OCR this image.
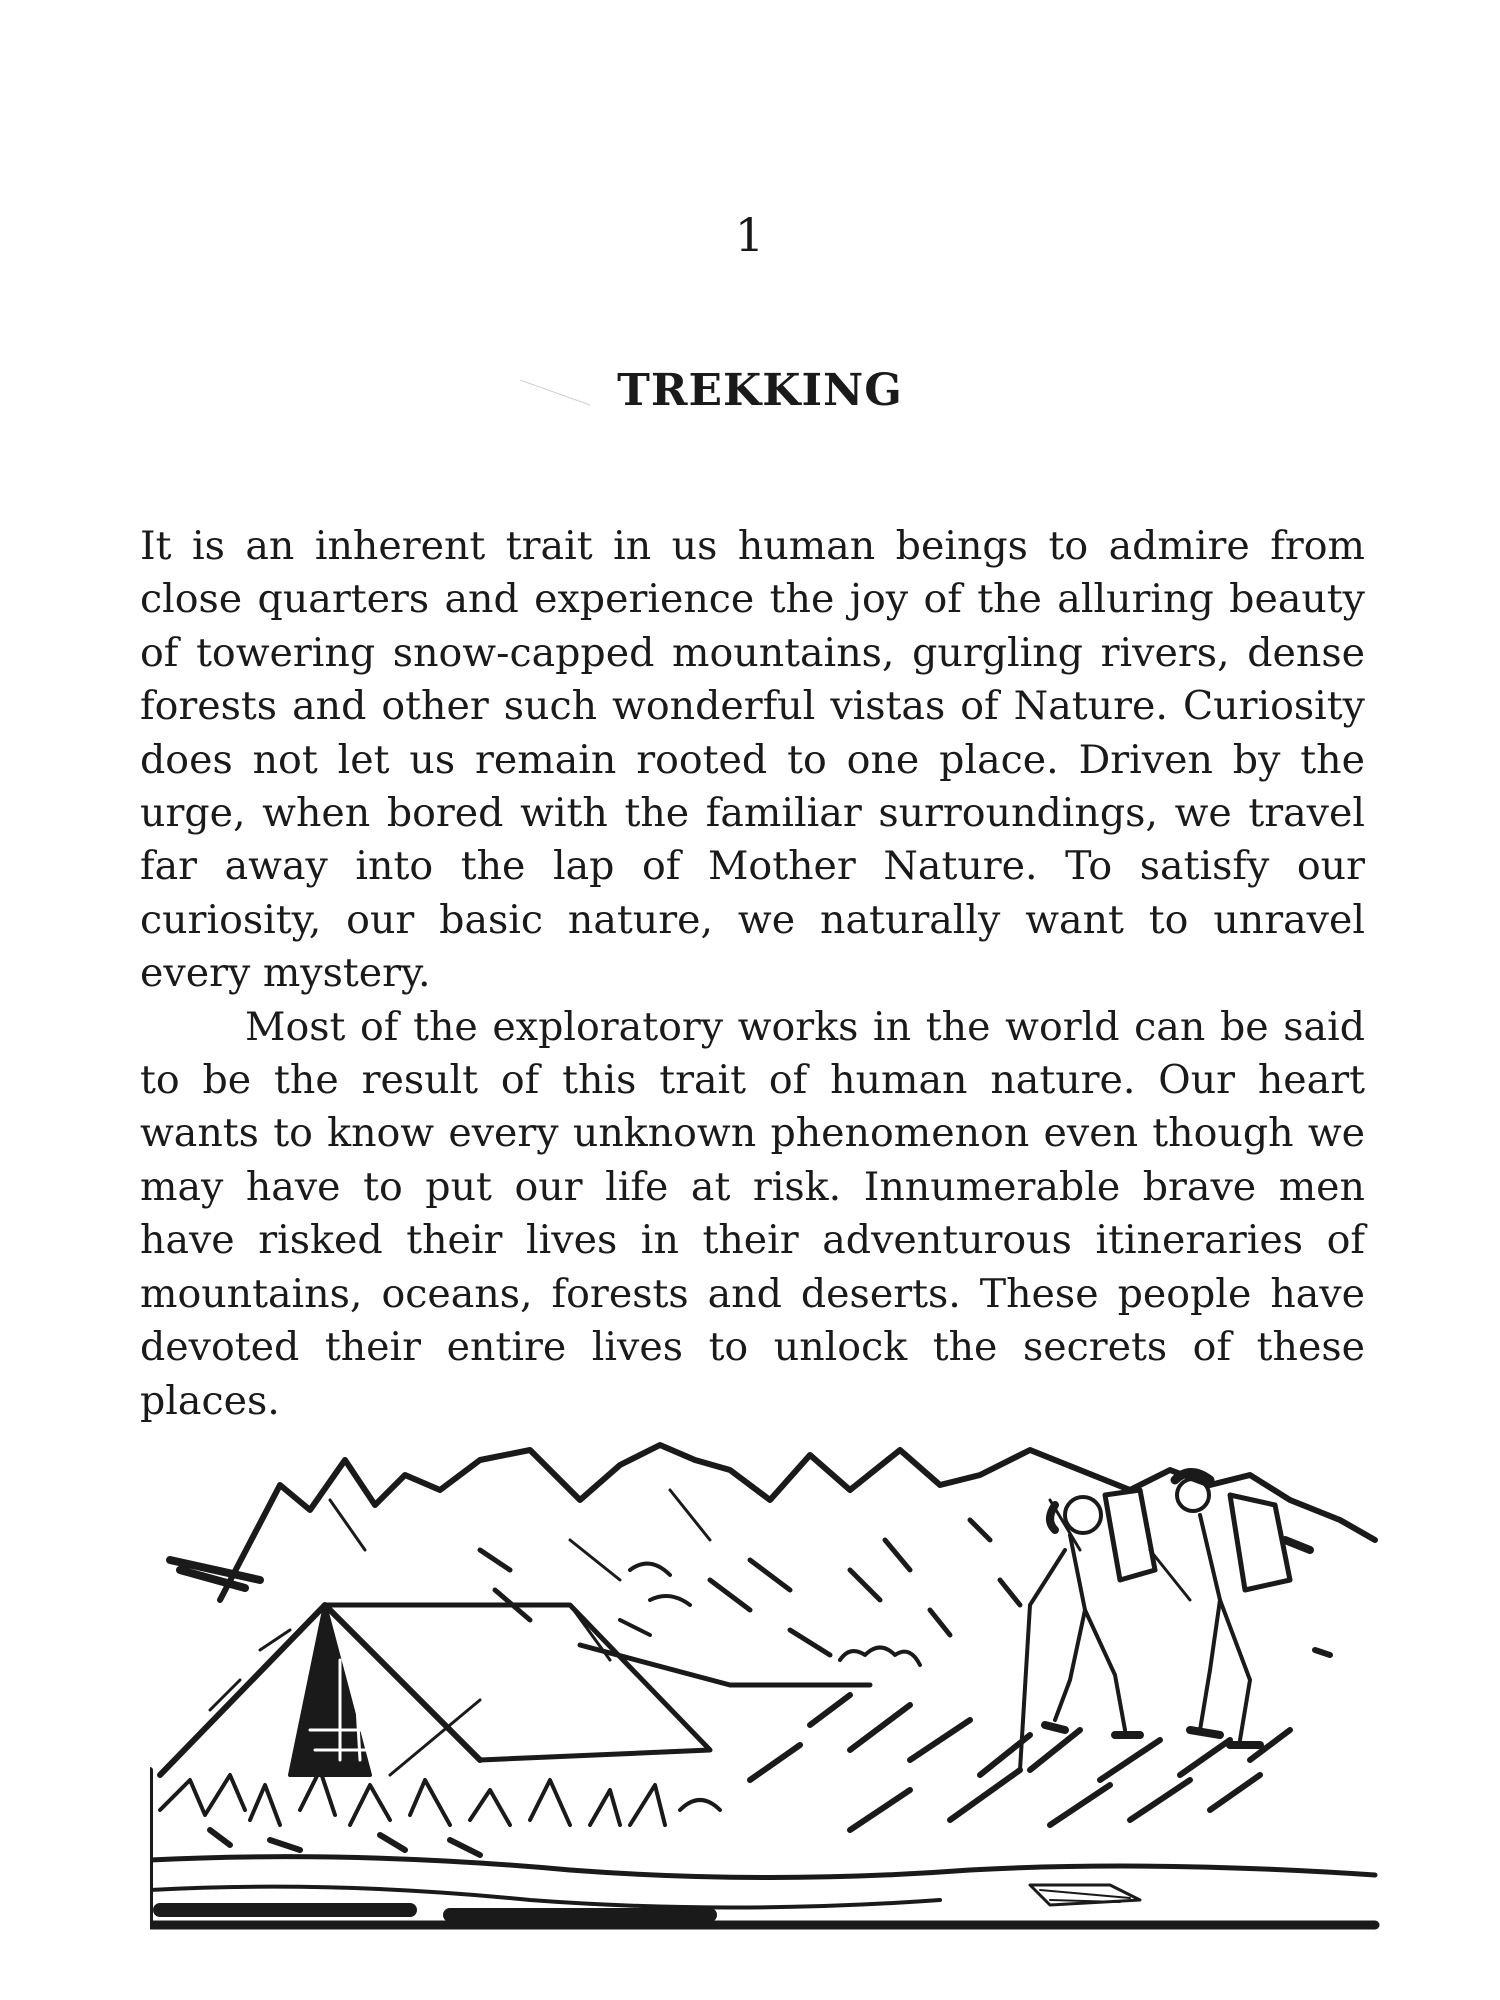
1
TREKKING

It is an inherent trait in us human beings to admire from close quarters and experience the joy of the alluring beauty of towering snow-capped mountains, gurgling rivers, dense forests and other such wonderful vistas of Nature. Curiosity does not let us remain rooted to one place. Driven by the urge, when bored with the familiar surroundings, we travel far away into the lap of Mother Nature. To satisfy our curiosity, our basic nature, we naturally want to unravel every mystery.

Most of the exploratory works in the world can be said to be the result of this trait of human nature. Our heart wants to know every unknown phenomenon even though we may have to put our life at risk. Innumerable brave men have risked their lives in their adventurous itineraries of mountains, oceans, forests and deserts. These people have devoted their entire lives to unlock the secrets of these places.
